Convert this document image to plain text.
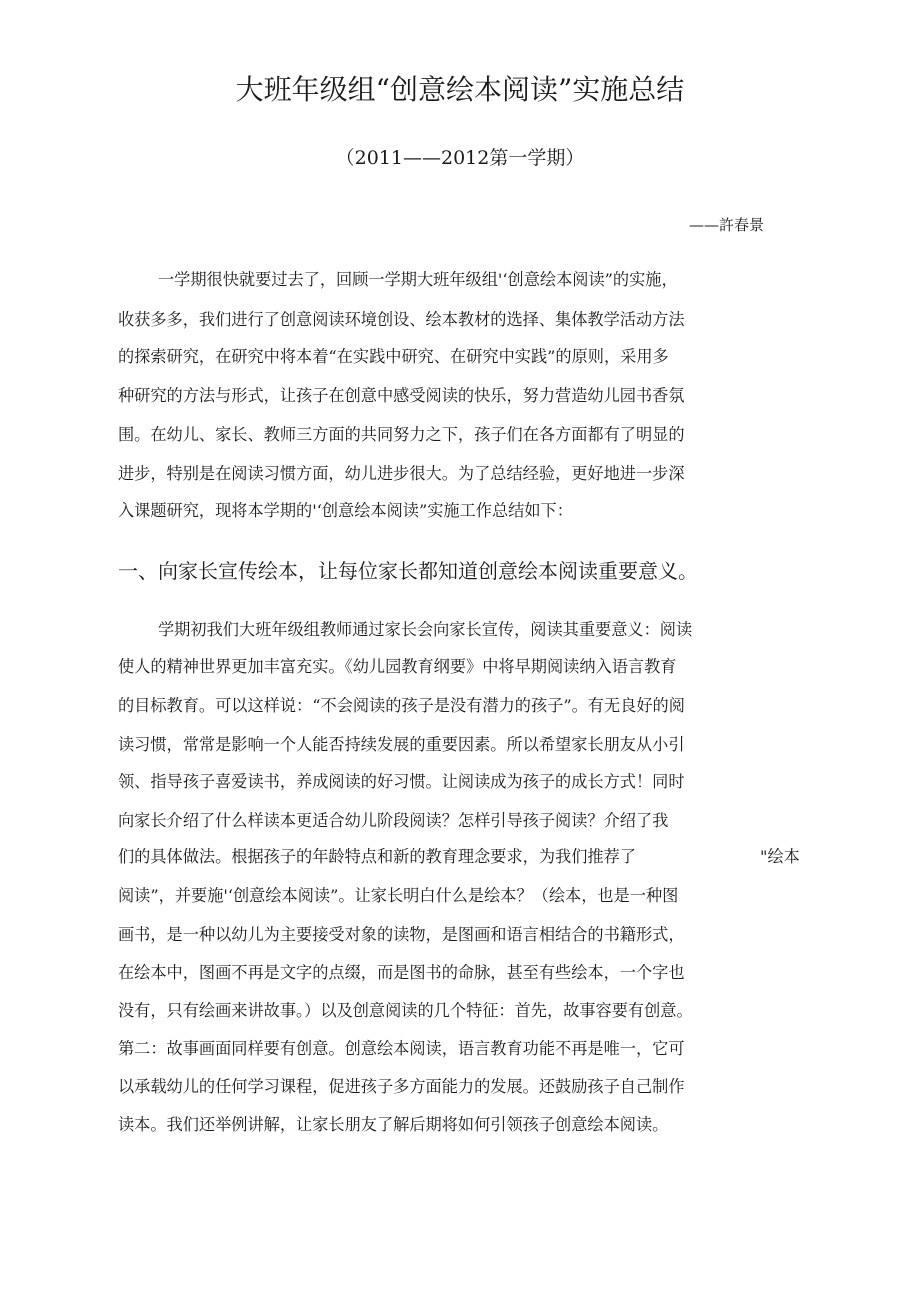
大班年级组“创意绘本阅读”实施总结
（2011——2012第一学期）
——許春景
一学期很快就要过去了，回顾一学期大班年级组'‘创意绘本阅读”的实施，
收获多多，我们进行了创意阅读环境创设、绘本教材的选择、集体教学活动方法
的探索研究，在研究中将本着“在实践中研究、在研究中实践”的原则，采用多
种研究的方法与形式，让孩子在创意中感受阅读的快乐，努力营造幼儿园书香氛
围。在幼儿、家长、教师三方面的共同努力之下，孩子们在各方面都有了明显的
进步，特别是在阅读习惯方面，幼儿进步很大。为了总结经验，更好地进一步深
入课题研究，现将本学期的'‘创意绘本阅读”实施工作总结如下：
一、向家长宣传绘本，让每位家长都知道创意绘本阅读重要意义。
学期初我们大班年级组教师通过家长会向家长宣传，阅读其重要意义：阅读
使人的精神世界更加丰富充实。《幼儿园教育纲要》中将早期阅读纳入语言教育
的目标教育。可以这样说：“不会阅读的孩子是没有潜力的孩子”。有无良好的阅
读习惯，常常是影响一个人能否持续发展的重要因素。所以希望家长朋友从小引
领、指导孩子喜爱读书，养成阅读的好习惯。让阅读成为孩子的成长方式！同时
向家长介绍了什么样读本更适合幼儿阶段阅读？怎样引导孩子阅读？介绍了我
们的具体做法。根据孩子的年龄特点和新的教育理念要求，为我们推荐了	"绘本
阅读”，并要施'‘创意绘本阅读”。让家长明白什么是绘本？（绘本，也是一种图
画书，是一种以幼儿为主要接受对象的读物，是图画和语言相结合的书籍形式，
在绘本中，图画不再是文字的点缀，而是图书的命脉，甚至有些绘本，一个字也
没有，只有绘画来讲故事。）以及创意阅读的几个特征：首先，故事容要有创意。
第二：故事画面同样要有创意。创意绘本阅读，语言教育功能不再是唯一，它可
以承载幼儿的任何学习课程，促进孩子多方面能力的发展。还鼓励孩子自己制作
读本。我们还举例讲解，让家长朋友了解后期将如何引领孩子创意绘本阅读。
